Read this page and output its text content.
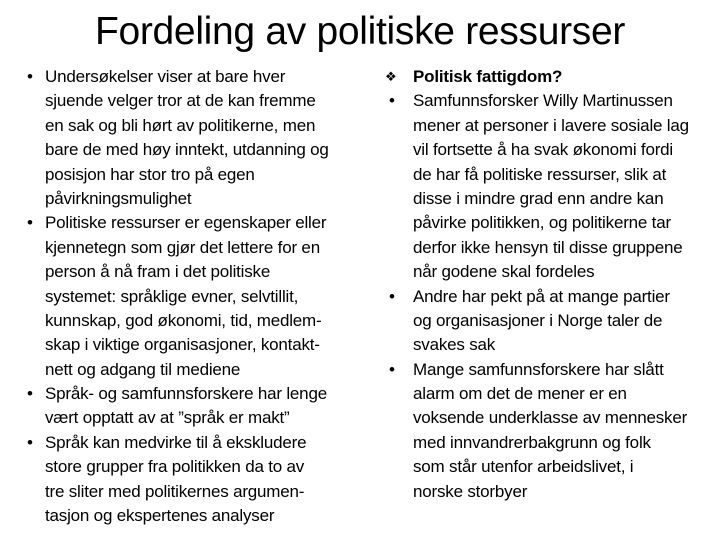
Fordeling av politiske ressurser
• Undersøkelser viser at bare hver
sjuende velger tror at de kan fremme
en sak og bli hørt av politikerne, men
bare de med høy inntekt, utdanning og
posisjon har stor tro på egen
påvirkningsmulighet
• Politiske ressurser er egenskaper eller
kjennetegn som gjør det lettere for en
person å nå fram i det politiske
systemet: språklige evner, selvtillit,
kunnskap, god økonomi, tid, medlem-
skap i viktige organisasjoner, kontakt-
nett og adgang til mediene
• Språk- og samfunnsforskere har lenge
vært opptatt av at ”språk er makt”
• Språk kan medvirke til å ekskludere
store grupper fra politikken da to av
tre sliter med politikernes argumen-
tasjon og ekspertenes analyser
❖ Politisk fattigdom?
•	Samfunnsforsker Willy Martinussen
mener at personer i lavere sosiale lag
vil fortsette å ha svak økonomi fordi
de har få politiske ressurser, slik at
disse i mindre grad enn andre kan
påvirke politikken, og politikerne tar
derfor ikke hensyn til disse gruppene
når godene skal fordeles
•	Andre har pekt på at mange partier
og organisasjoner i Norge taler de
svakes sak
•	Mange samfunnsforskere har slått
alarm om det de mener er en
voksende underklasse av mennesker
med innvandrerbakgrunn og folk
som står utenfor arbeidslivet, i
norske storbyer
